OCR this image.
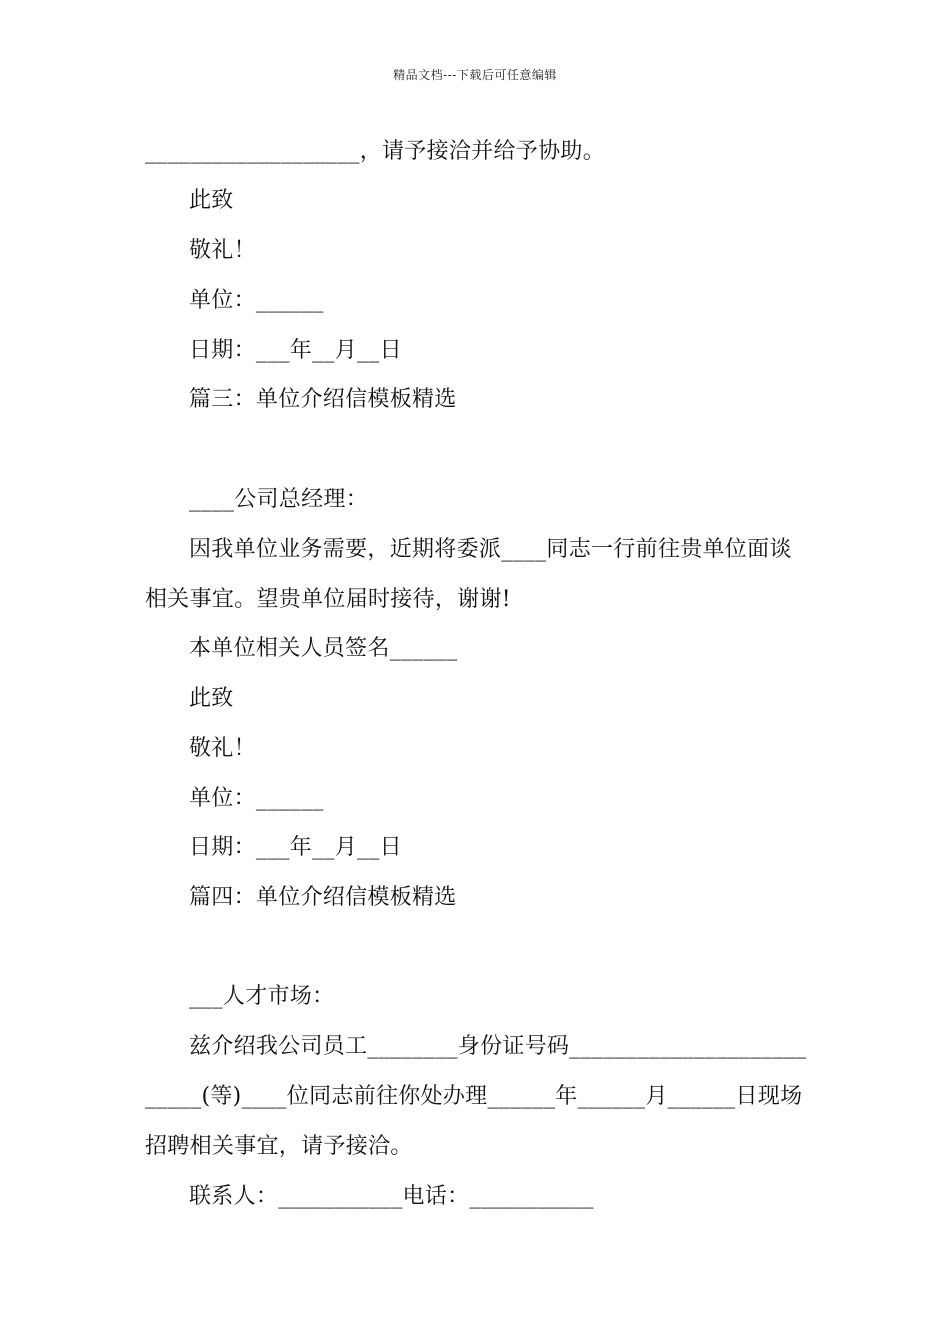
精品文档---下载后可任意编辑
___________________，请予接洽并给予协助。
此致
敬礼！
单位：______
日期：___年__月__日
篇三：单位介绍信模板精选
____公司总经理：
因我单位业务需要，近期将委派____同志一行前往贵单位面谈
相关事宜。望贵单位届时接待，谢谢!
本单位相关人员签名______
此致
敬礼！
单位：______
日期：___年__月__日
篇四：单位介绍信模板精选
___人才市场：
兹介绍我公司员工________身份证号码_____________________
_____(等)____位同志前往你处办理______年______月______日现场
招聘相关事宜，请予接洽。
联系人：___________电话：___________
